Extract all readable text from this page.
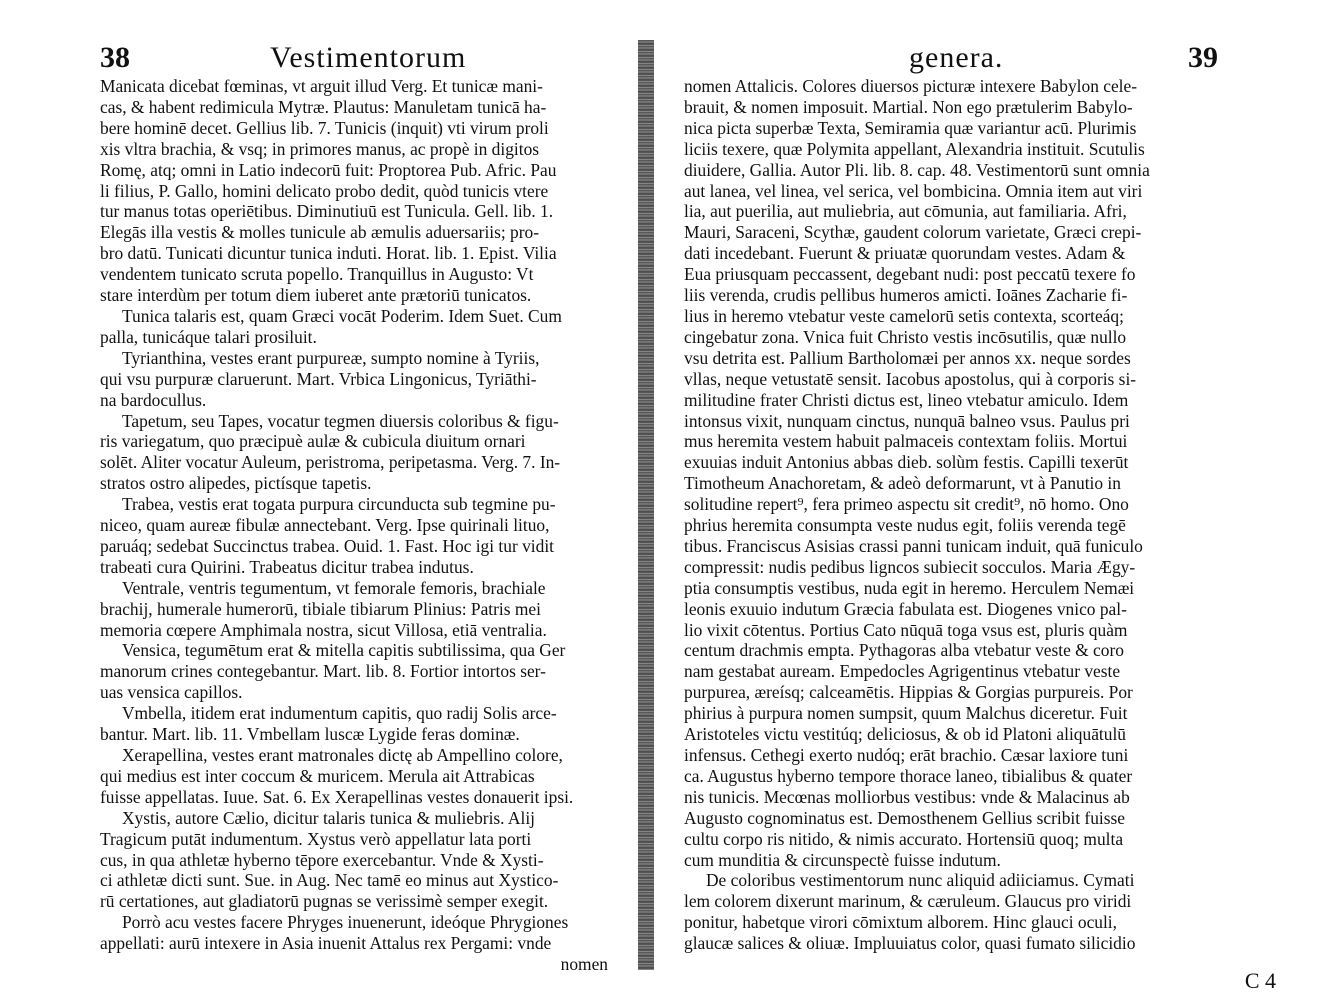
38	Vestimentorum
Manicata dicebat fœminas, vt arguit illud Verg. Et tunicæ mani-
cas, & habent redimicula Mytræ. Plautus: Manuletam tunicā ha-
bere hominē decet. Gellius lib. 7. Tunicis (inquit) vti virum proli
xis vltra brachia, & vsq; in primores manus, ac propè in digitos
Romę, atq; omni in Latio indecorū fuit: Proptorea Pub. Afric. Pau
li filius, P. Gallo, homini delicato probo dedit, quòd tunicis vtere
tur manus totas operiētibus. Diminutiuū est Tunicula. Gell. lib. 1.
Elegās illa vestis & molles tunicule ab æmulis aduersariis; pro-
bro datū. Tunicati dicuntur tunica induti. Horat. lib. 1. Epist. Vilia
vendentem tunicato scruta popello. Tranquillus in Augusto: Vt
stare interdùm per totum diem iuberet ante prætoriū tunicatos.
Tunica talaris est, quam Græci vocāt Poderim. Idem Suet. Cum
palla, tunicáque talari prosiluit.
Tyrianthina, vestes erant purpureæ, sumpto nomine à Tyriis,
qui vsu purpuræ claruerunt. Mart. Vrbica Lingonicus, Tyriāthi-
na bardocullus.
Tapetum, seu Tapes, vocatur tegmen diuersis coloribus & figu-
ris variegatum, quo præcipuè aulæ & cubicula diuitum ornari
solēt. Aliter vocatur Auleum, peristroma, peripetasma. Verg. 7. In-
stratos ostro alipedes, pictísque tapetis.
Trabea, vestis erat togata purpura circunducta sub tegmine pu-
niceo, quam aureæ fibulæ annectebant. Verg. Ipse quirinali lituo,
paruáq; sedebat Succinctus trabea. Ouid. 1. Fast. Hoc igi tur vidit
trabeati cura Quirini. Trabeatus dicitur trabea indutus.
Ventrale, ventris tegumentum, vt femorale femoris, brachiale
brachij, humerale humerorū, tibiale tibiarum Plinius: Patris mei
memoria cœpere Amphimala nostra, sicut Villosa, etiā ventralia.
Vensica, tegumētum erat & mitella capitis subtilissima, qua Ger
manorum crines contegebantur. Mart. lib. 8. Fortior intortos ser-
uas vensica capillos.
Vmbella, itidem erat indumentum capitis, quo radij Solis arce-
bantur. Mart. lib. 11. Vmbellam luscæ Lygide feras dominæ.
Xerapellina, vestes erant matronales dictę ab Ampellino colore,
qui medius est inter coccum & muricem. Merula ait Attrabicas
fuisse appellatas. Iuue. Sat. 6. Ex Xerapellinas vestes donauerit ipsi.
Xystis, autore Cælio, dicitur talaris tunica & muliebris. Alij
Tragicum putāt indumentum. Xystus verò appellatur lata porti
cus, in qua athletæ hyberno tēpore exercebantur. Vnde & Xysti-
ci athletæ dicti sunt. Sue. in Aug. Nec tamē eo minus aut Xystico-
rū certationes, aut gladiatorū pugnas se verissimè semper exegit.
Porrò acu vestes facere Phryges inuenerunt, ideóque Phrygiones
appellati: aurū intexere in Asia inuenit Attalus rex Pergami: vnde
nomen
genera.	39
nomen Attalicis. Colores diuersos picturæ intexere Babylon cele-
brauit, & nomen imposuit. Martial. Non ego prætulerim Babylo-
nica picta superbæ Texta, Semiramia quæ variantur acū. Plurimis
liciis texere, quæ Polymita appellant, Alexandria instituit. Scutulis
diuidere, Gallia. Autor Pli. lib. 8. cap. 48. Vestimentorū sunt omnia
aut lanea, vel linea, vel serica, vel bombicina. Omnia item aut viri
lia, aut puerilia, aut muliebria, aut cōmunia, aut familiaria. Afri,
Mauri, Saraceni, Scythæ, gaudent colorum varietate, Græci crepi-
dati incedebant. Fuerunt & priuatæ quorundam vestes. Adam &
Eua priusquam peccassent, degebant nudi: post peccatū texere fo
liis verenda, crudis pellibus humeros amicti. Ioānes Zacharie fi-
lius in heremo vtebatur veste camelorū setis contexta, scorteáq;
cingebatur zona. Vnica fuit Christo vestis incōsutilis, quæ nullo
vsu detrita est. Pallium Bartholomæi per annos xx. neque sordes
vllas, neque vetustatē sensit. Iacobus apostolus, qui à corporis si-
militudine frater Christi dictus est, lineo vtebatur amiculo. Idem
intonsus vixit, nunquam cinctus, nunquā balneo vsus. Paulus pri
mus heremita vestem habuit palmaceis contextam foliis. Mortui
exuuias induit Antonius abbas dieb. solùm festis. Capilli texerūt
Timotheum Anachoretam, & adeò deformarunt, vt à Panutio in
solitudine repert⁹, fera primeo aspectu sit credit⁹, nō homo. Ono
phrius heremita consumpta veste nudus egit, foliis verenda tegē
tibus. Franciscus Asisias crassi panni tunicam induit, quā funiculo
compressit: nudis pedibus ligncos subiecit socculos. Maria Ægy-
ptia consumptis vestibus, nuda egit in heremo. Herculem Nemæi
leonis exuuio indutum Græcia fabulata est. Diogenes vnico pal-
lio vixit cōtentus. Portius Cato nūquā toga vsus est, pluris quàm
centum drachmis empta. Pythagoras alba vtebatur veste & coro
nam gestabat auream. Empedocles Agrigentinus vtebatur veste
purpurea, æreísq; calceamētis. Hippias & Gorgias purpureis. Por
phirius à purpura nomen sumpsit, quum Malchus diceretur. Fuit
Aristoteles victu vestitúq; deliciosus, & ob id Platoni aliquātulū
infensus. Cethegi exerto nudóq; erāt brachio. Cæsar laxiore tuni
ca. Augustus hyberno tempore thorace laneo, tibialibus & quater
nis tunicis. Mecœnas molliorbus vestibus: vnde & Malacinus ab
Augusto cognominatus est. Demosthenem Gellius scribit fuisse
cultu corpo ris nitido, & nimis accurato. Hortensiū quoq; multa
cum munditia & circunspectè fuisse indutum.
De coloribus vestimentorum nunc aliquid adiiciamus. Cymati
lem colorem dixerunt marinum, & cæruleum. Glaucus pro viridi
ponitur, habetque virori cōmixtum alborem. Hinc glauci oculi,
glaucæ salices & oliuæ. Impluuiatus color, quasi fumato silicidio
C 4
